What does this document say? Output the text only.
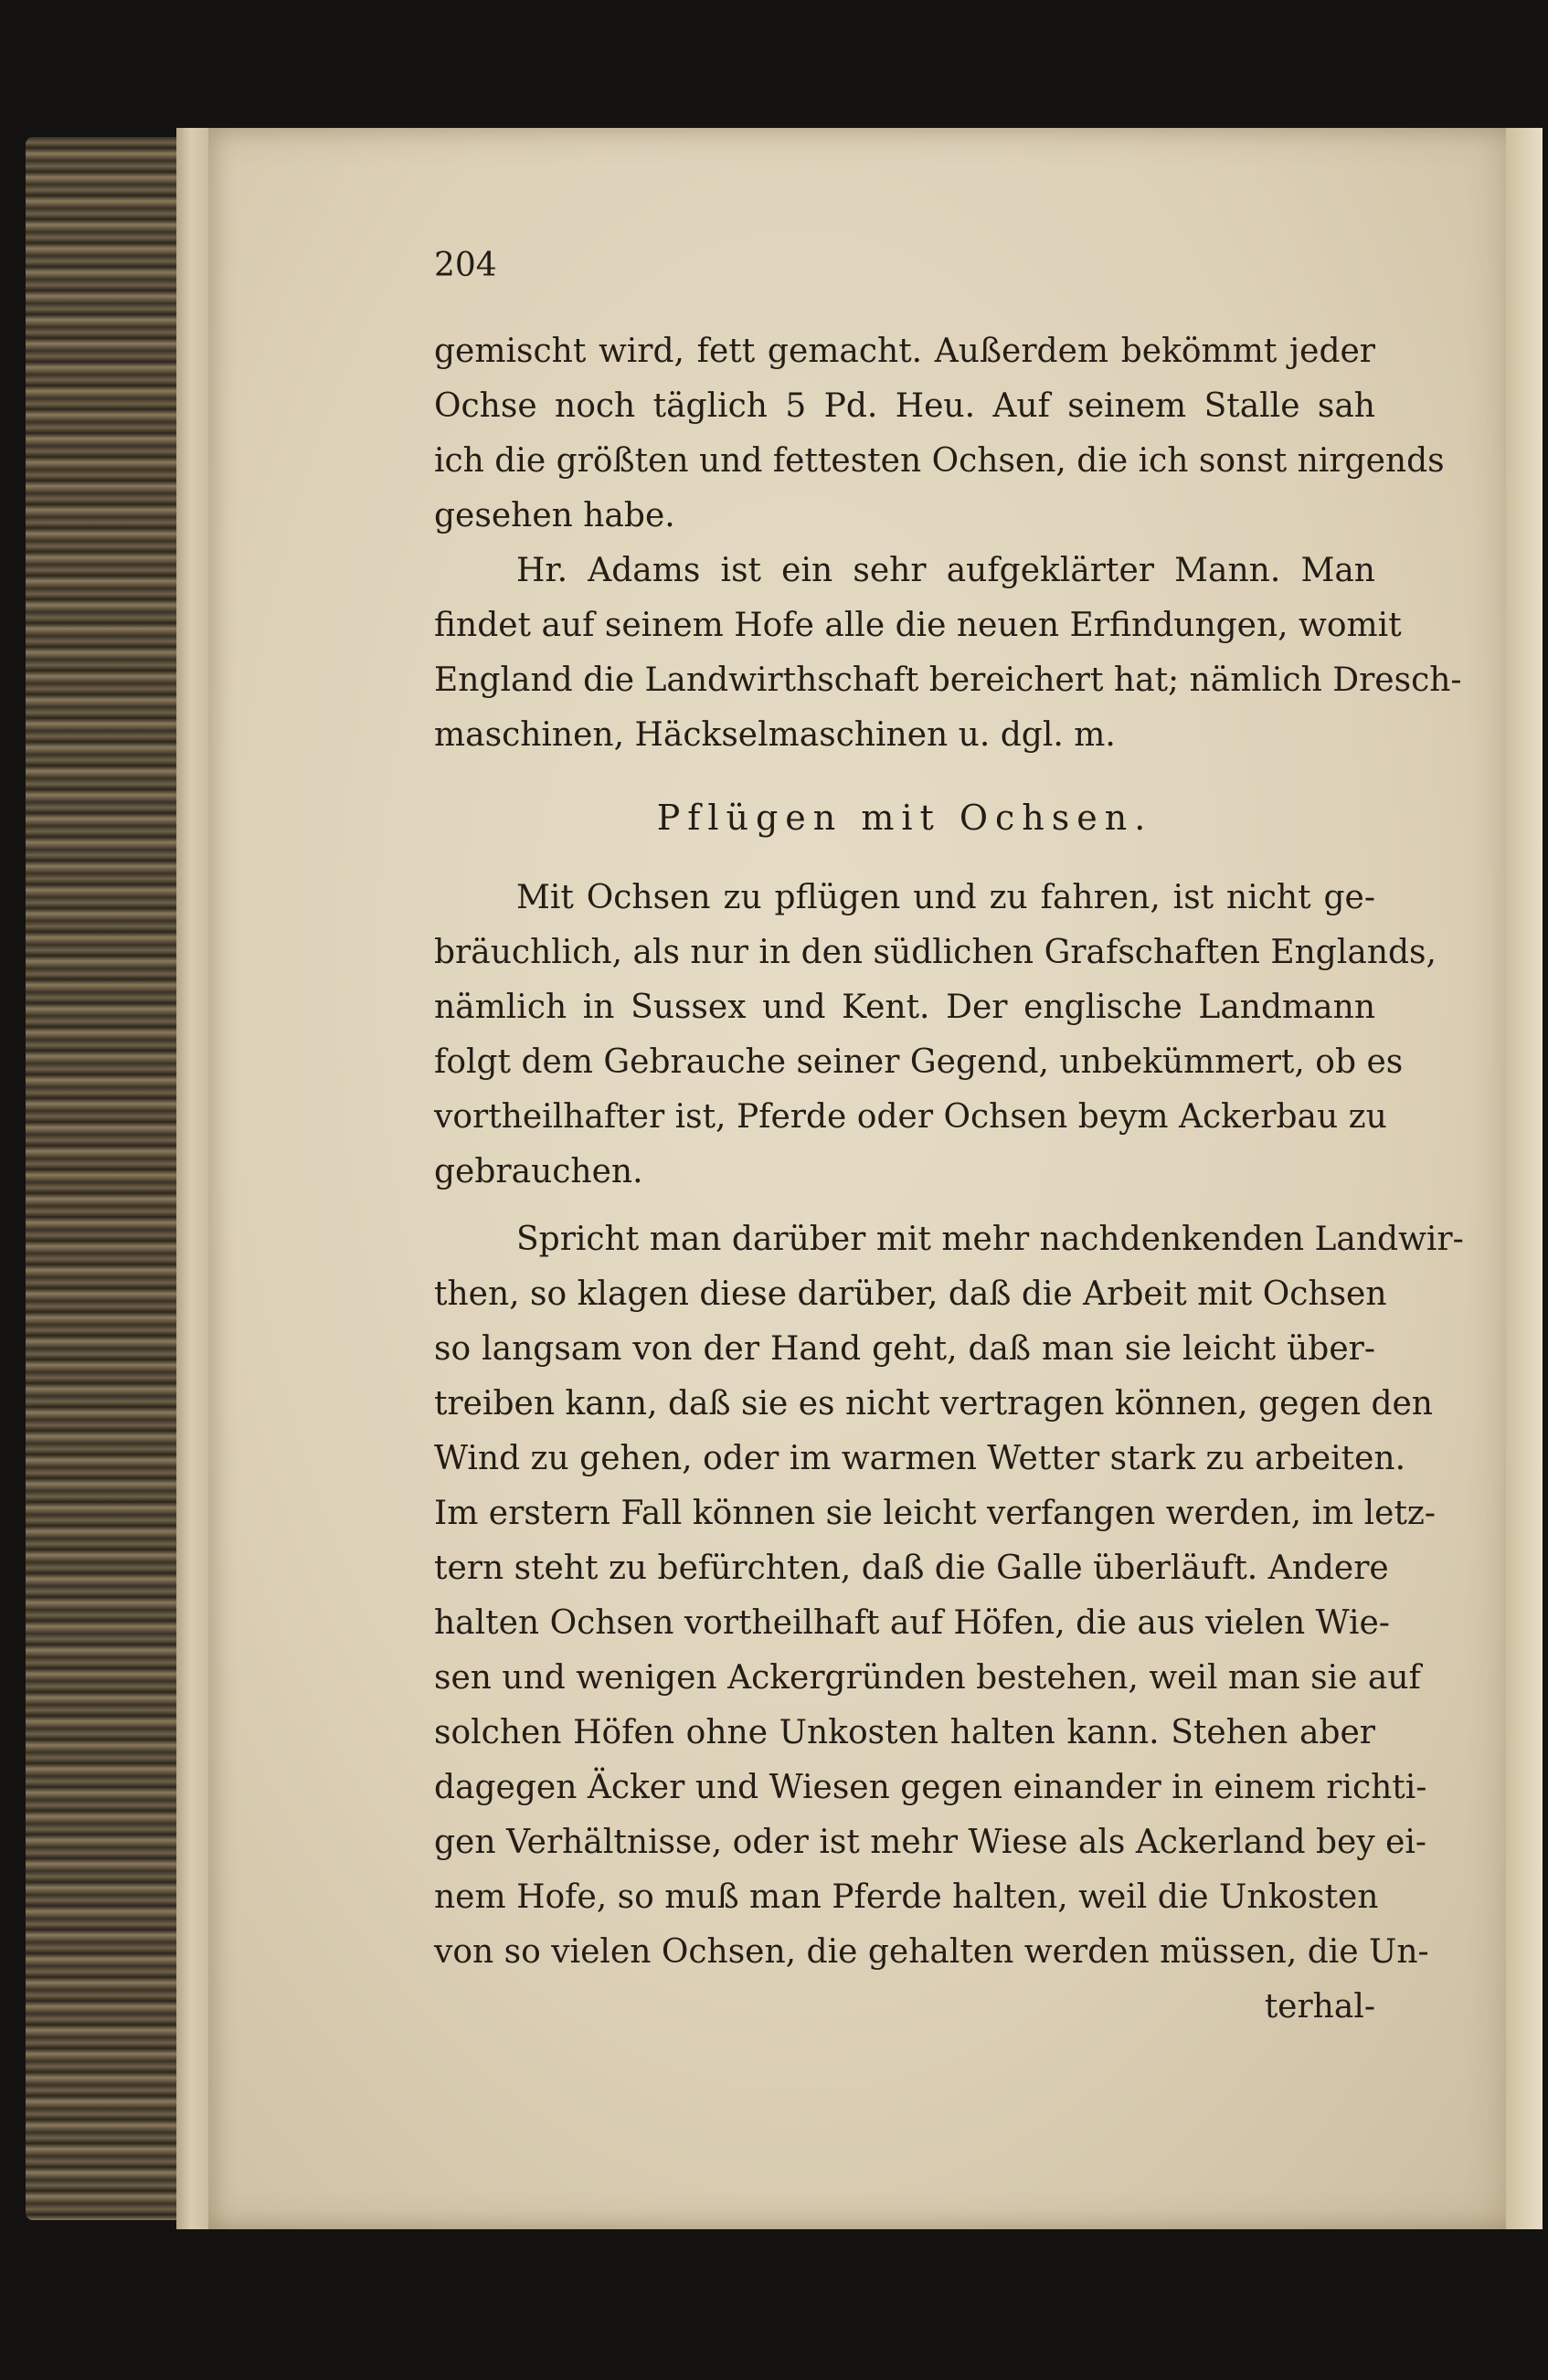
204
gemischt wird, fett gemacht. Außerdem bekömmt jeder
Ochse noch täglich 5 Pd. Heu. Auf seinem Stalle sah
ich die größten und fettesten Ochsen, die ich sonst nirgends
gesehen habe.
Hr. Adams ist ein sehr aufgeklärter Mann. Man
findet auf seinem Hofe alle die neuen Erfindungen, womit
England die Landwirthschaft bereichert hat; nämlich Dresch-
maschinen, Häckselmaschinen u. dgl. m.
Pflügen mit Ochsen.
Mit Ochsen zu pflügen und zu fahren, ist nicht ge-
bräuchlich, als nur in den südlichen Grafschaften Englands,
nämlich in Sussex und Kent. Der englische Landmann
folgt dem Gebrauche seiner Gegend, unbekümmert, ob es
vortheilhafter ist, Pferde oder Ochsen beym Ackerbau zu
gebrauchen.
Spricht man darüber mit mehr nachdenkenden Landwir-
then, so klagen diese darüber, daß die Arbeit mit Ochsen
so langsam von der Hand geht, daß man sie leicht über-
treiben kann, daß sie es nicht vertragen können, gegen den
Wind zu gehen, oder im warmen Wetter stark zu arbeiten.
Im erstern Fall können sie leicht verfangen werden, im letz-
tern steht zu befürchten, daß die Galle überläuft. Andere
halten Ochsen vortheilhaft auf Höfen, die aus vielen Wie-
sen und wenigen Ackergründen bestehen, weil man sie auf
solchen Höfen ohne Unkosten halten kann. Stehen aber
dagegen Äcker und Wiesen gegen einander in einem richti-
gen Verhältnisse, oder ist mehr Wiese als Ackerland bey ei-
nem Hofe, so muß man Pferde halten, weil die Unkosten
von so vielen Ochsen, die gehalten werden müssen, die Un-
terhal-
